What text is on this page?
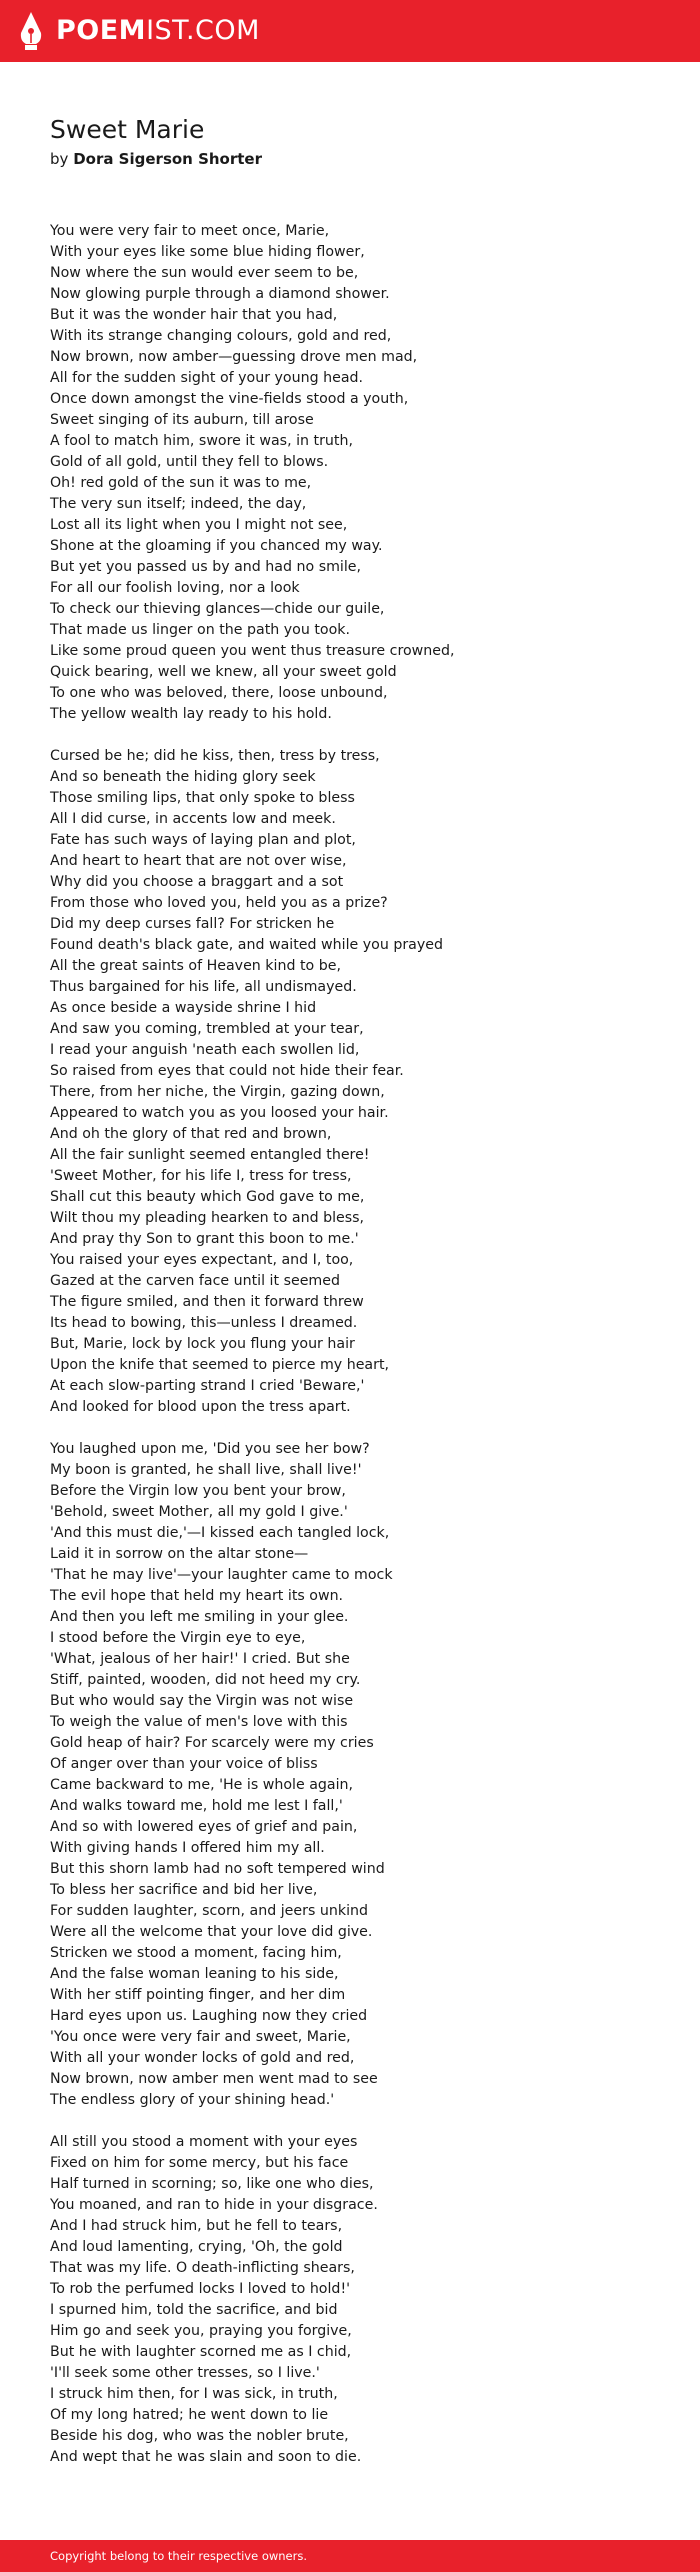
POEMIST.COM
Sweet Marie
by Dora Sigerson Shorter
You were very fair to meet once, Marie,
With your eyes like some blue hiding flower,
Now where the sun would ever seem to be,
Now glowing purple through a diamond shower.
But it was the wonder hair that you had,
With its strange changing colours, gold and red,
Now brown, now amber—guessing drove men mad,
All for the sudden sight of your young head.
Once down amongst the vine-fields stood a youth,
Sweet singing of its auburn, till arose
A fool to match him, swore it was, in truth,
Gold of all gold, until they fell to blows.
Oh! red gold of the sun it was to me,
The very sun itself; indeed, the day,
Lost all its light when you I might not see,
Shone at the gloaming if you chanced my way.
But yet you passed us by and had no smile,
For all our foolish loving, nor a look
To check our thieving glances—chide our guile,
That made us linger on the path you took.
Like some proud queen you went thus treasure crowned,
Quick bearing, well we knew, all your sweet gold
To one who was beloved, there, loose unbound,
The yellow wealth lay ready to his hold.
Cursed be he; did he kiss, then, tress by tress,
And so beneath the hiding glory seek
Those smiling lips, that only spoke to bless
All I did curse, in accents low and meek.
Fate has such ways of laying plan and plot,
And heart to heart that are not over wise,
Why did you choose a braggart and a sot
From those who loved you, held you as a prize?
Did my deep curses fall? For stricken he
Found death's black gate, and waited while you prayed
All the great saints of Heaven kind to be,
Thus bargained for his life, all undismayed.
As once beside a wayside shrine I hid
And saw you coming, trembled at your tear,
I read your anguish 'neath each swollen lid,
So raised from eyes that could not hide their fear.
There, from her niche, the Virgin, gazing down,
Appeared to watch you as you loosed your hair.
And oh the glory of that red and brown,
All the fair sunlight seemed entangled there!
'Sweet Mother, for his life I, tress for tress,
Shall cut this beauty which God gave to me,
Wilt thou my pleading hearken to and bless,
And pray thy Son to grant this boon to me.'
You raised your eyes expectant, and I, too,
Gazed at the carven face until it seemed
The figure smiled, and then it forward threw
Its head to bowing, this—unless I dreamed.
But, Marie, lock by lock you flung your hair
Upon the knife that seemed to pierce my heart,
At each slow-parting strand I cried 'Beware,'
And looked for blood upon the tress apart.
You laughed upon me, 'Did you see her bow?
My boon is granted, he shall live, shall live!'
Before the Virgin low you bent your brow,
'Behold, sweet Mother, all my gold I give.'
'And this must die,'—I kissed each tangled lock,
Laid it in sorrow on the altar stone—
'That he may live'—your laughter came to mock
The evil hope that held my heart its own.
And then you left me smiling in your glee.
I stood before the Virgin eye to eye,
'What, jealous of her hair!' I cried. But she
Stiff, painted, wooden, did not heed my cry.
But who would say the Virgin was not wise
To weigh the value of men's love with this
Gold heap of hair? For scarcely were my cries
Of anger over than your voice of bliss
Came backward to me, 'He is whole again,
And walks toward me, hold me lest I fall,'
And so with lowered eyes of grief and pain,
With giving hands I offered him my all.
But this shorn lamb had no soft tempered wind
To bless her sacrifice and bid her live,
For sudden laughter, scorn, and jeers unkind
Were all the welcome that your love did give.
Stricken we stood a moment, facing him,
And the false woman leaning to his side,
With her stiff pointing finger, and her dim
Hard eyes upon us. Laughing now they cried
'You once were very fair and sweet, Marie,
With all your wonder locks of gold and red,
Now brown, now amber men went mad to see
The endless glory of your shining head.'
All still you stood a moment with your eyes
Fixed on him for some mercy, but his face
Half turned in scorning; so, like one who dies,
You moaned, and ran to hide in your disgrace.
And I had struck him, but he fell to tears,
And loud lamenting, crying, 'Oh, the gold
That was my life. O death-inflicting shears,
To rob the perfumed locks I loved to hold!'
I spurned him, told the sacrifice, and bid
Him go and seek you, praying you forgive,
But he with laughter scorned me as I chid,
'I'll seek some other tresses, so I live.'
I struck him then, for I was sick, in truth,
Of my long hatred; he went down to lie
Beside his dog, who was the nobler brute,
And wept that he was slain and soon to die.
Copyright belong to their respective owners.
